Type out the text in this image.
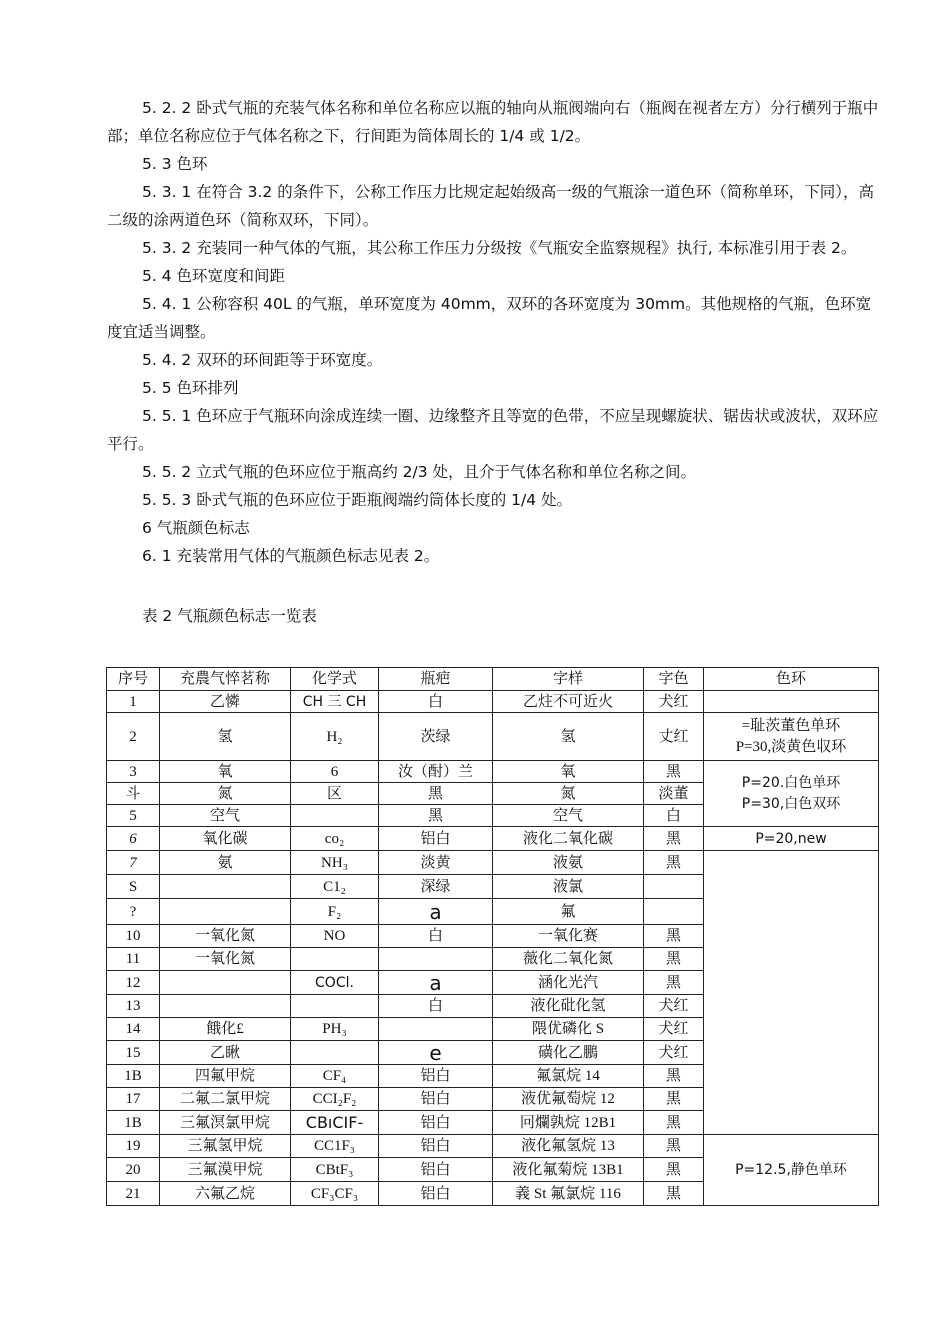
5. 2. 2 卧式气瓶的充装气体名称和单位名称应以瓶的轴向从瓶阀端向右（瓶阀在视者左方）分行横列于瓶中部；单位名称应位于气体名称之下，行间距为筒体周长的 1/4 或 1/2。

5. 3 色环

5. 3. 1 在符合 3.2 的条件下，公称工作压力比规定起始级高一级的气瓶涂一道色环（简称单环，下同），高二级的涂两道色环（简称双环，下同）。

5. 3. 2 充装同一种气体的气瓶，其公称工作压力分级按《气瓶安全监察规程》执行, 本标准引用于表 2。

5. 4 色环宽度和间距

5. 4. 1 公称容积 40L 的气瓶，单环宽度为 40mm，双环的各环宽度为 30mm。其他规格的气瓶，色环宽度宜适当调整。

5. 4. 2 双环的环间距等于环宽度。

5. 5 色环排列

5. 5. 1 色环应于气瓶环向涂成连续一圈、边缘整齐且等宽的色带，不应呈现螺旋状、锯齿状或波状，双环应平行。

5. 5. 2 立式气瓶的色环应位于瓶高约 2/3 处，且介于气体名称和单位名称之间。

5. 5. 3 卧式气瓶的色环应位于距瓶阀端约筒体长度的 1/4 处。

6 气瓶颜色标志

6. 1 充装常用气体的气瓶颜色标志见表 2。

表 2 气瓶颜色标志一览表
序号	充農气悴茗称	化学式	瓶疤	字样	字色	色环
1	乙憐	CH 三 CH	白	乙炷不可近火	犬红	
2	氢	H₂	茨绿	氢	丈红	=耻茨董色单环
P=30,淡黄色収环

3	氧	6	汝（酎）兰	氧	黑	P=20.白色单环
P=30,白色双环

斗	氮	区	黑	氮	淡董	
5	空气		黑	空气	白	
6	氧化碳	co₂	铝白	液化二氧化碳	黑	P=20,new
7	氨	NH₃	淡黄	液氨	黑	
S		C1₂	深绿	液氯		
?		F₂	a	氟		
10	一氧化氮	NO	白	一氧化赛	黑	
11	一氧化氮			薇化二氧化氮	黑	
12		COCl.	a	涵化光汽	黑	
13			白	液化砒化氢	犬红	
14	餓化£	PH₃		隈优磷化 S	犬红	
15	乙瞅		e	磺化乙鵬	犬红	
1B	四氟甲烷	CF₄	铝白	氟氯烷 14	黑	
17	二氟二氯甲烷	CCI₂F₂	铝白	液优氟萄烷 12	黒	
1B	三氟溟氯甲烷	CBıCIF-	铝白	冋爛孰烷 12B1	黑	
19	三氟氢甲烷	CC1F₃	铝白	液化氟氢烷 13	黑	P=12.5,静色单环
20	三氟漠甲烷	CBtF₃	铝白	液化氟菊烷 13B1	黑	
21	六氟乙烷	CF₃CF₃	铝白	義 St 氟氯烷 116	黒	
